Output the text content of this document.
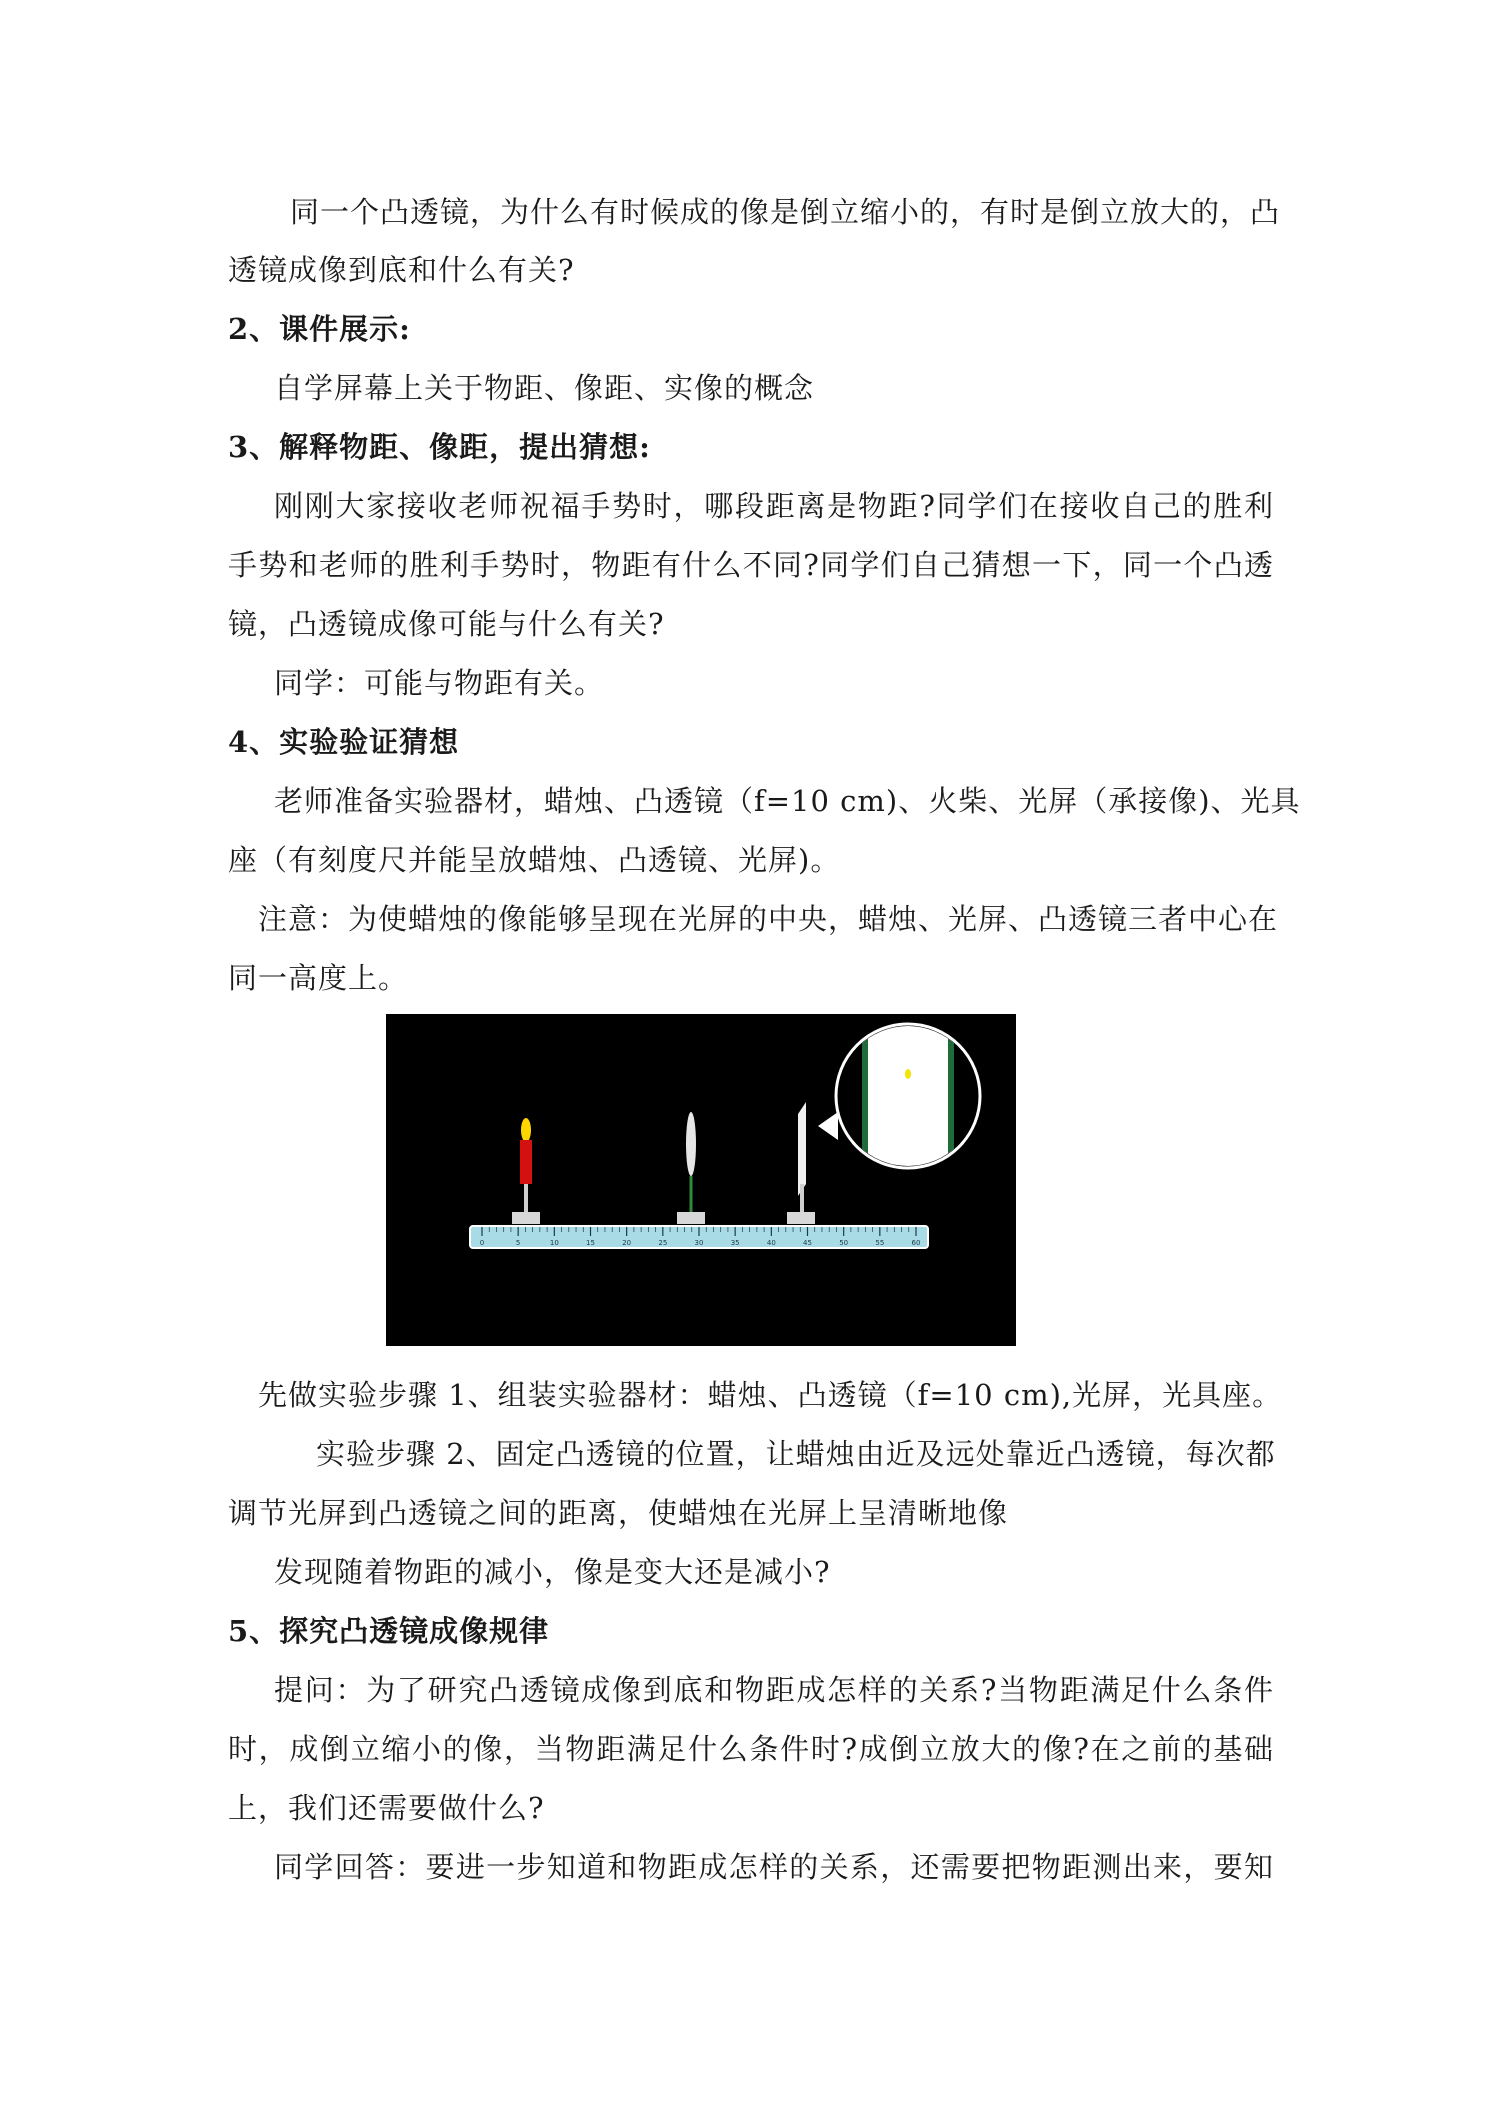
同一个凸透镜，为什么有时候成的像是倒立缩小的，有时是倒立放大的，凸
透镜成像到底和什么有关?
2、课件展示:
自学屏幕上关于物距、像距、实像的概念
3、解释物距、像距，提出猜想:
刚刚大家接收老师祝福手势时，哪段距离是物距?同学们在接收自己的胜利
手势和老师的胜利手势时，物距有什么不同?同学们自己猜想一下，同一个凸透
镜，凸透镜成像可能与什么有关?
同学：可能与物距有关。
4、实验验证猜想
老师准备实验器材，蜡烛、凸透镜（f=10 cm)、火柴、光屏（承接像)、光具
座（有刻度尺并能呈放蜡烛、凸透镜、光屏)。
注意：为使蜡烛的像能够呈现在光屏的中央，蜡烛、光屏、凸透镜三者中心在
同一高度上。
0	5	10	15	20	25	30	35	40	45	50	55	60
先做实验步骤 1、组装实验器材：蜡烛、凸透镜（f=10 cm),光屏，光具座。
实验步骤 2、固定凸透镜的位置，让蜡烛由近及远处靠近凸透镜，每次都
调节光屏到凸透镜之间的距离，使蜡烛在光屏上呈清晰地像
发现随着物距的减小，像是变大还是减小?
5、探究凸透镜成像规律
提问：为了研究凸透镜成像到底和物距成怎样的关系?当物距满足什么条件
时，成倒立缩小的像，当物距满足什么条件时?成倒立放大的像?在之前的基础
上，我们还需要做什么?
同学回答：要进一步知道和物距成怎样的关系，还需要把物距测出来，要知
